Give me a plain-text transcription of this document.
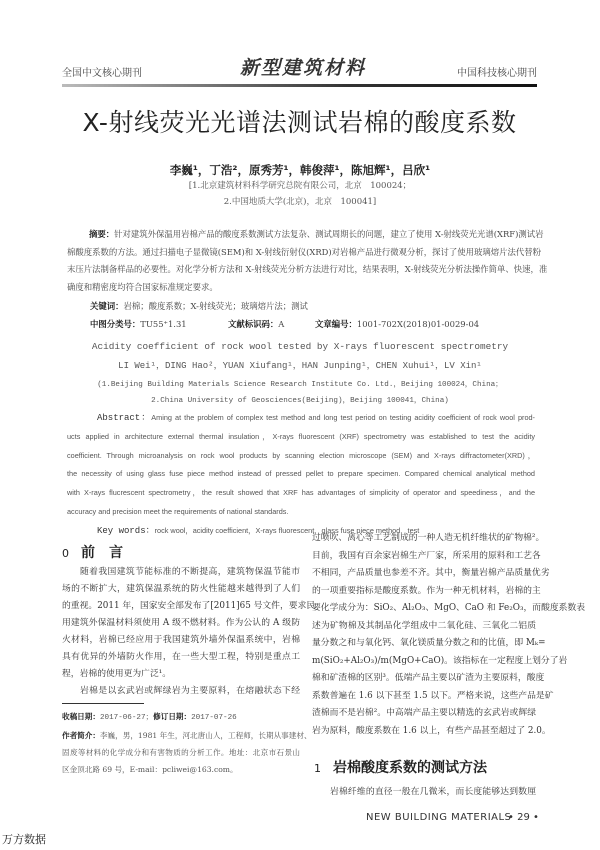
全国中文核心期刊	新型建筑材料	中国科技核心期刊
X-射线荧光光谱法测试岩棉的酸度系数
李巍¹，丁浩²，原秀芳¹，韩俊萍¹，陈旭辉¹，吕欣¹
[1.北京建筑材料科学研究总院有限公司，北京　100024；
2.中国地质大学(北京)，北京　100041]
摘要：针对建筑外保温用岩棉产品的酸度系数测试方法复杂、测试周期长的问题，建立了使用 X-射线荧光光谱(XRF)测试岩
棉酸度系数的方法。通过扫描电子显微镜(SEM)和 X-射线衍射仪(XRD)对岩棉产品进行微观分析，探讨了使用玻璃熔片法代替粉
末压片法制备样品的必要性。对化学分析方法和 X-射线荧光分析方法进行对比，结果表明，X-射线荧光分析法操作简单、快速，准
确度和精密度均符合国家标准规定要求。
关键词：岩棉；酸度系数；X-射线荧光；玻璃熔片法；测试
中图分类号：TU55⁺1.31	文献标识码：A	文章编号：1001-702X(2018)01-0029-04
Acidity coefficient of rock wool tested by X-rays fluorescent spectrometry
LI Wei¹，DING Hao²，YUAN Xiufang¹，HAN Junping¹，CHEN Xuhui¹，LV Xin¹
(1.Beijing Building Materials Science Research Institute Co. Ltd.，Beijing 100024，China；
2.China University of Geosciences(Beijing)，Beijing 100041，China)
Abstract：Aming at the problem of complex test method and long test period on testing acidity coefficient of rock wool prod-
ucts applied in architecture external thermal insulation，X-rays fluorescent (XRF) spectrometry was established to test the acidity
coefficient. Through microanalysis on rock wool products by scanning election microscope (SEM) and X-rays diffractometer(XRD)，
the necessity of using glass fuse piece method instead of pressed pellet to prepare specimen. Compared chemical analytical method
with X-rays flucrescent spectrometry，the result showed that XRF has advantages of simplicity of operator and speediness，and the
accuracy and precision meet the requirements of national standards.
Key words：rock wool，acidity coefficient，X-rays fluorescent，glass fuse piece method，test
0 前　言
随着我国建筑节能标准的不断提高，建筑物保温节能市
场的不断扩大，建筑保温系统的防火性能越来越得到了人们
的重视。2011 年，国家安全部发布了[2011]65 号文件，要求民
用建筑外保温材料须使用 A 级不燃材料。作为公认的 A 级防
火材料，岩棉已经应用于我国建筑外墙外保温系统中，岩棉
具有优异的外墙防火作用，在一些大型工程，特别是重点工
程，岩棉的使用更为广泛¹。
岩棉是以玄武岩或辉绿岩为主要原料，在熔融状态下经
收稿日期：2017-06-27；修订日期：2017-07-26
作者简介：李巍，男，1981 年生，河北唐山人，工程师，长期从事建材、
固废等材料的化学成分和有害物质的分析工作。地址：北京市石景山
区金顶北路 69 号，E-mail：pcliwei@163.com。
过喷吹、离心等工艺制成的一种人造无机纤维状的矿物棉²。
目前，我国有百余家岩棉生产厂家，所采用的原料和工艺各
不相同，产品质量也参差不齐。其中，衡量岩棉产品质量优劣
的一项重要指标是酸度系数。作为一种无机材料，岩棉的主
要化学成分为：SiO₂、Al₂O₃、MgO、CaO 和 Fe₂O₃，而酸度系数表
述为矿物棉及其制品化学组成中二氧化硅、三氧化二铝质
量分数之和与氧化钙、氧化镁质量分数之和的比值，即 Mₖ=
m(SiO₂+Al₂O₃)/m(MgO+CaO)。该指标在一定程度上划分了岩
棉和矿渣棉的区别³。低端产品主要以矿渣为主要原料，酸度
系数普遍在 1.6 以下甚至 1.5 以下。严格来说，这些产品是矿
渣棉而不是岩棉²。中高端产品主要以精选的玄武岩或辉绿
岩为原料，酸度系数在 1.6 以上，有些产品甚至超过了 2.0。
1 岩棉酸度系数的测试方法
岩棉纤维的直径一般在几微米，而长度能够达到数厘
NEW BUILDING MATERIALS
• 29 •
万方数据
